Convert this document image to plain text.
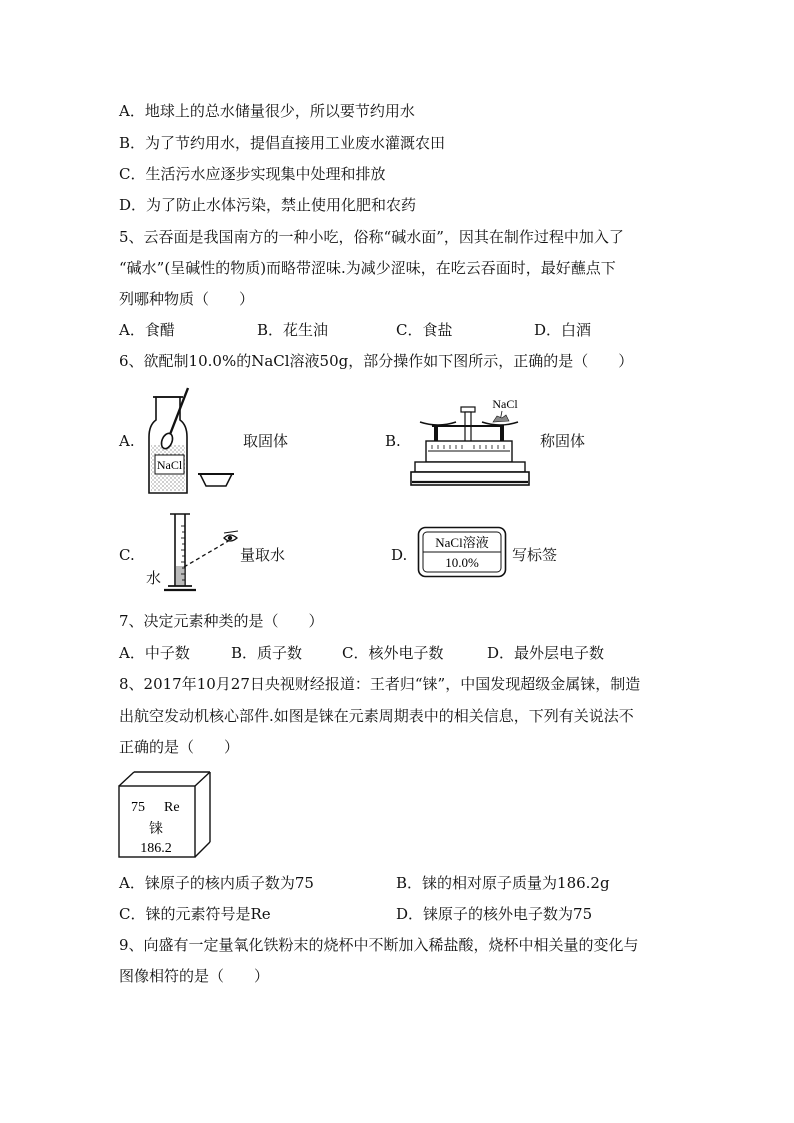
A．地球上的总水储量很少，所以要节约用水
B．为了节约用水，提倡直接用工业废水灌溉农田
C．生活污水应逐步实现集中处理和排放
D．为了防止水体污染，禁止使用化肥和农药
5、云吞面是我国南方的一种小吃，俗称“碱水面”，因其在制作过程中加入了
“碱水”(呈碱性的物质)而略带涩味.为减少涩味，在吃云吞面时，最好蘸点下
列哪种物质（　　）
A．食醋	B．花生油	C．食盐	D．白酒
6、欲配制10.0%的NaCl溶液50g，部分操作如下图所示，正确的是（　　）
A.
NaCl
取固体	B.
NaCl
称固体
C.
水
量取水	D.
NaCl溶液
10.0% 写标签
7、决定元素种类的是（　　）
A．中子数	B．质子数	C．核外电子数	D．最外层电子数
8、2017年10月27日央视财经报道：王者归“铼”，中国发现超级金属铼，制造
出航空发动机核心部件.如图是铼在元素周期表中的相关信息，下列有关说法不
正确的是（　　）
75 Re
铼
186.2
A．铼原子的核内质子数为75	B．铼的相对原子质量为186.2g
C．铼的元素符号是Re	D．铼原子的核外电子数为75
9、向盛有一定量氧化铁粉末的烧杯中不断加入稀盐酸，烧杯中相关量的变化与
图像相符的是（　　）
